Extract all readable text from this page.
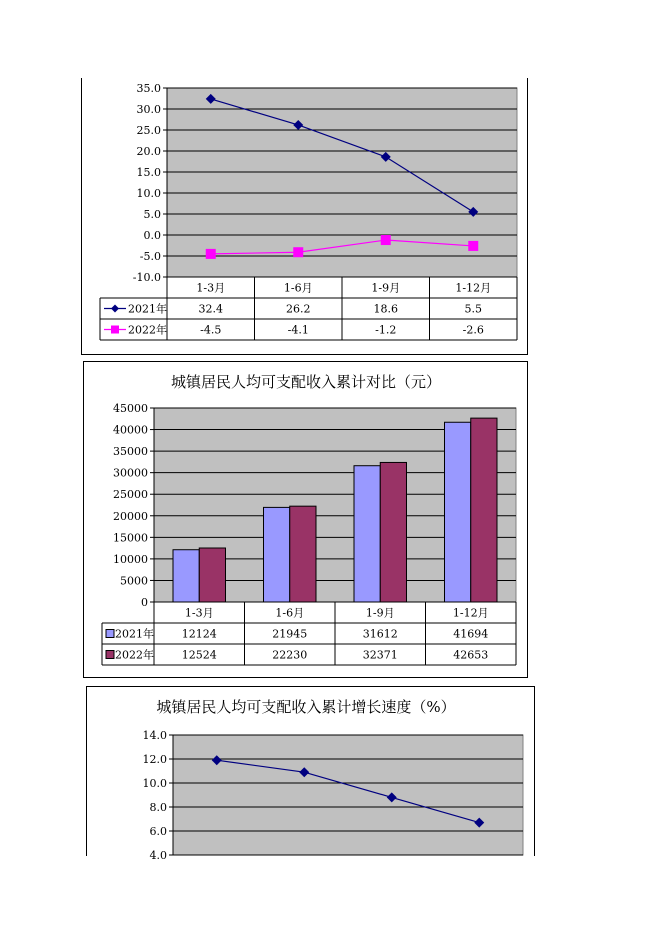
35.0
30.0
25.0
20.0
15.0
10.0
5.0
0.0
-5.0
-10.0
1-3月	1-6月	1-9月	1-12月
2021年	32.4	26.2	18.6	5.5
2022年	-4.5	-4.1	-1.2	-2.6
城镇居民人均可支配收入累计对比（元）
45000
40000
35000
30000
25000
20000
15000
10000
5000
0
1-3月	1-6月	1-9月	1-12月
2021年	12124	21945	31612	41694
2022年	12524	22230	32371	42653
城镇居民人均可支配收入累计增长速度（%）
14.0
12.0
10.0
8.0
6.0
4.0
